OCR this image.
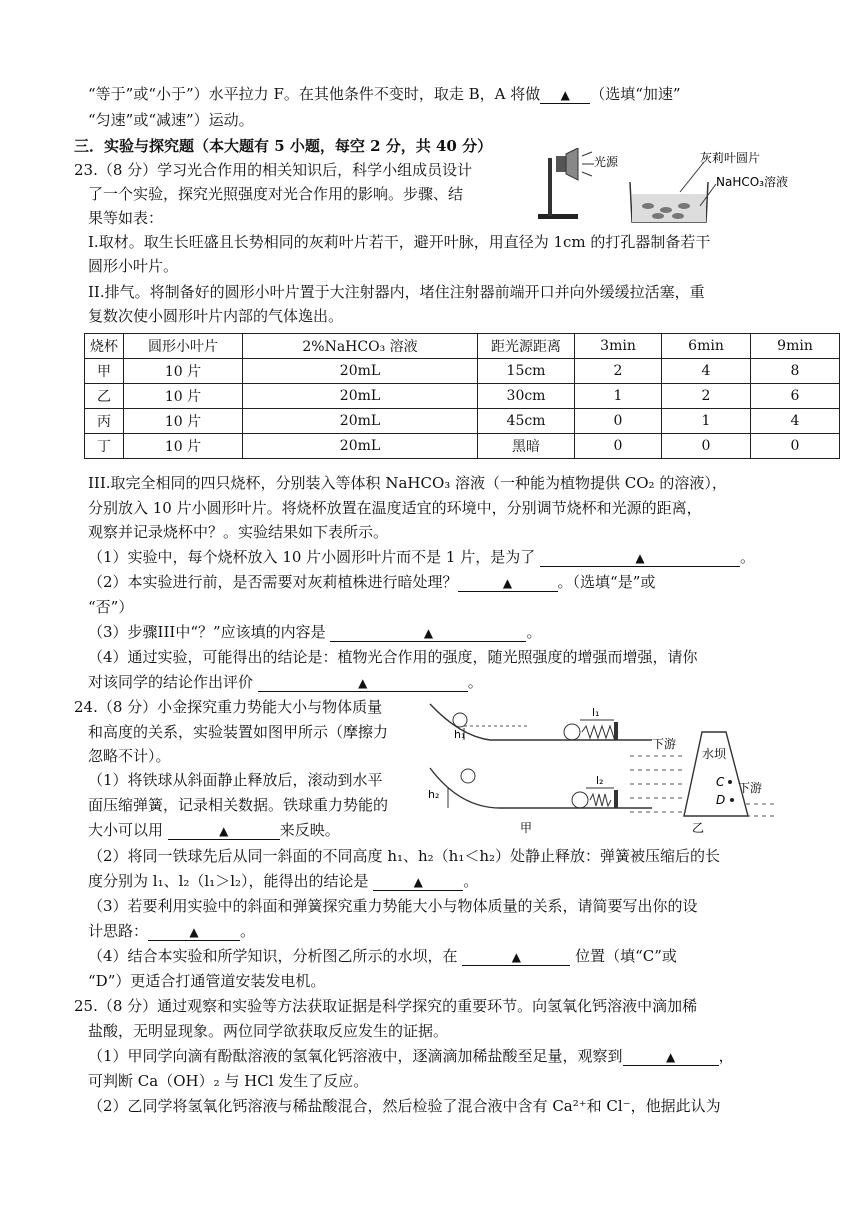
“等于”或“小于”）水平拉力 F。在其他条件不变时，取走 B，A 将做 ▲ （选填“加速”
“匀速”或“减速”）运动。
三．实验与探究题（本大题有 5 小题，每空 2 分，共 40 分）
23.（8 分）学习光合作用的相关知识后，科学小组成员设计
了一个实验，探究光照强度对光合作用的影响。步骤、结
果等如表：
光源	灰莉叶圆片
NaHCO₃溶液
I.取材。取生长旺盛且长势相同的灰莉叶片若干，避开叶脉，用直径为 1cm 的打孔器制备若干
圆形小叶片。
II.排气。将制备好的圆形小叶片置于大注射器内，堵住注射器前端开口并向外缓缓拉活塞，重
复数次使小圆形叶片内部的气体逸出。
烧杯	圆形小叶片	2%NaHCO₃ 溶液	距光源距离	3min	6min	9min
甲	10 片	20mL	15cm	2	4	8
乙	10 片	20mL	30cm	1	2	6
丙	10 片	20mL	45cm	0	1	4
丁	10 片	20mL	黑暗	0	0	0
III.取完全相同的四只烧杯，分别装入等体积 NaHCO₃ 溶液（一种能为植物提供 CO₂ 的溶液），
分别放入 10 片小圆形叶片。将烧杯放置在温度适宜的环境中，分别调节烧杯和光源的距离，
观察并记录烧杯中？。实验结果如下表所示。
（1）实验中，每个烧杯放入 10 片小圆形叶片而不是 1 片，是为了	▲	。
（2）本实验进行前，是否需要对灰莉植株进行暗处理？	▲	。（选填“是”或
“否”）
（3）步骤III中“？”应该填的内容是	▲	。
（4）通过实验，可能得出的结论是：植物光合作用的强度，随光照强度的增强而增强，请你
对该同学的结论作出评价	▲	。
24.（8 分）小金探究重力势能大小与物体质量
和高度的关系，实验装置如图甲所示（摩擦力
忽略不计）。
（1）将铁球从斜面静止释放后，滚动到水平
面压缩弹簧，记录相关数据。铁球重力势能的
大小可以用	▲	来反映。
h₁
l₁
h₂
l₂
甲
下游
水坝
C
D
下游
乙
（2）将同一铁球先后从同一斜面的不同高度 h₁、h₂（h₁＜h₂）处静止释放：弹簧被压缩后的长
度分别为 l₁、l₂（l₁＞l₂），能得出的结论是	▲	。
（3）若要利用实验中的斜面和弹簧探究重力势能大小与物体质量的关系，请简要写出你的设
计思路：	▲	。
（4）结合本实验和所学知识，分析图乙所示的水坝，在	▲	位置（填“C”或
“D”）更适合打通管道安装发电机。
25.（8 分）通过观察和实验等方法获取证据是科学探究的重要环节。向氢氧化钙溶液中滴加稀
盐酸，无明显现象。两位同学欲获取反应发生的证据。
（1）甲同学向滴有酚酞溶液的氢氧化钙溶液中，逐滴滴加稀盐酸至足量，观察到	▲	，
可判断 Ca（OH）₂ 与 HCl 发生了反应。
（2）乙同学将氢氧化钙溶液与稀盐酸混合，然后检验了混合液中含有 Ca²⁺和 Cl⁻，他据此认为
